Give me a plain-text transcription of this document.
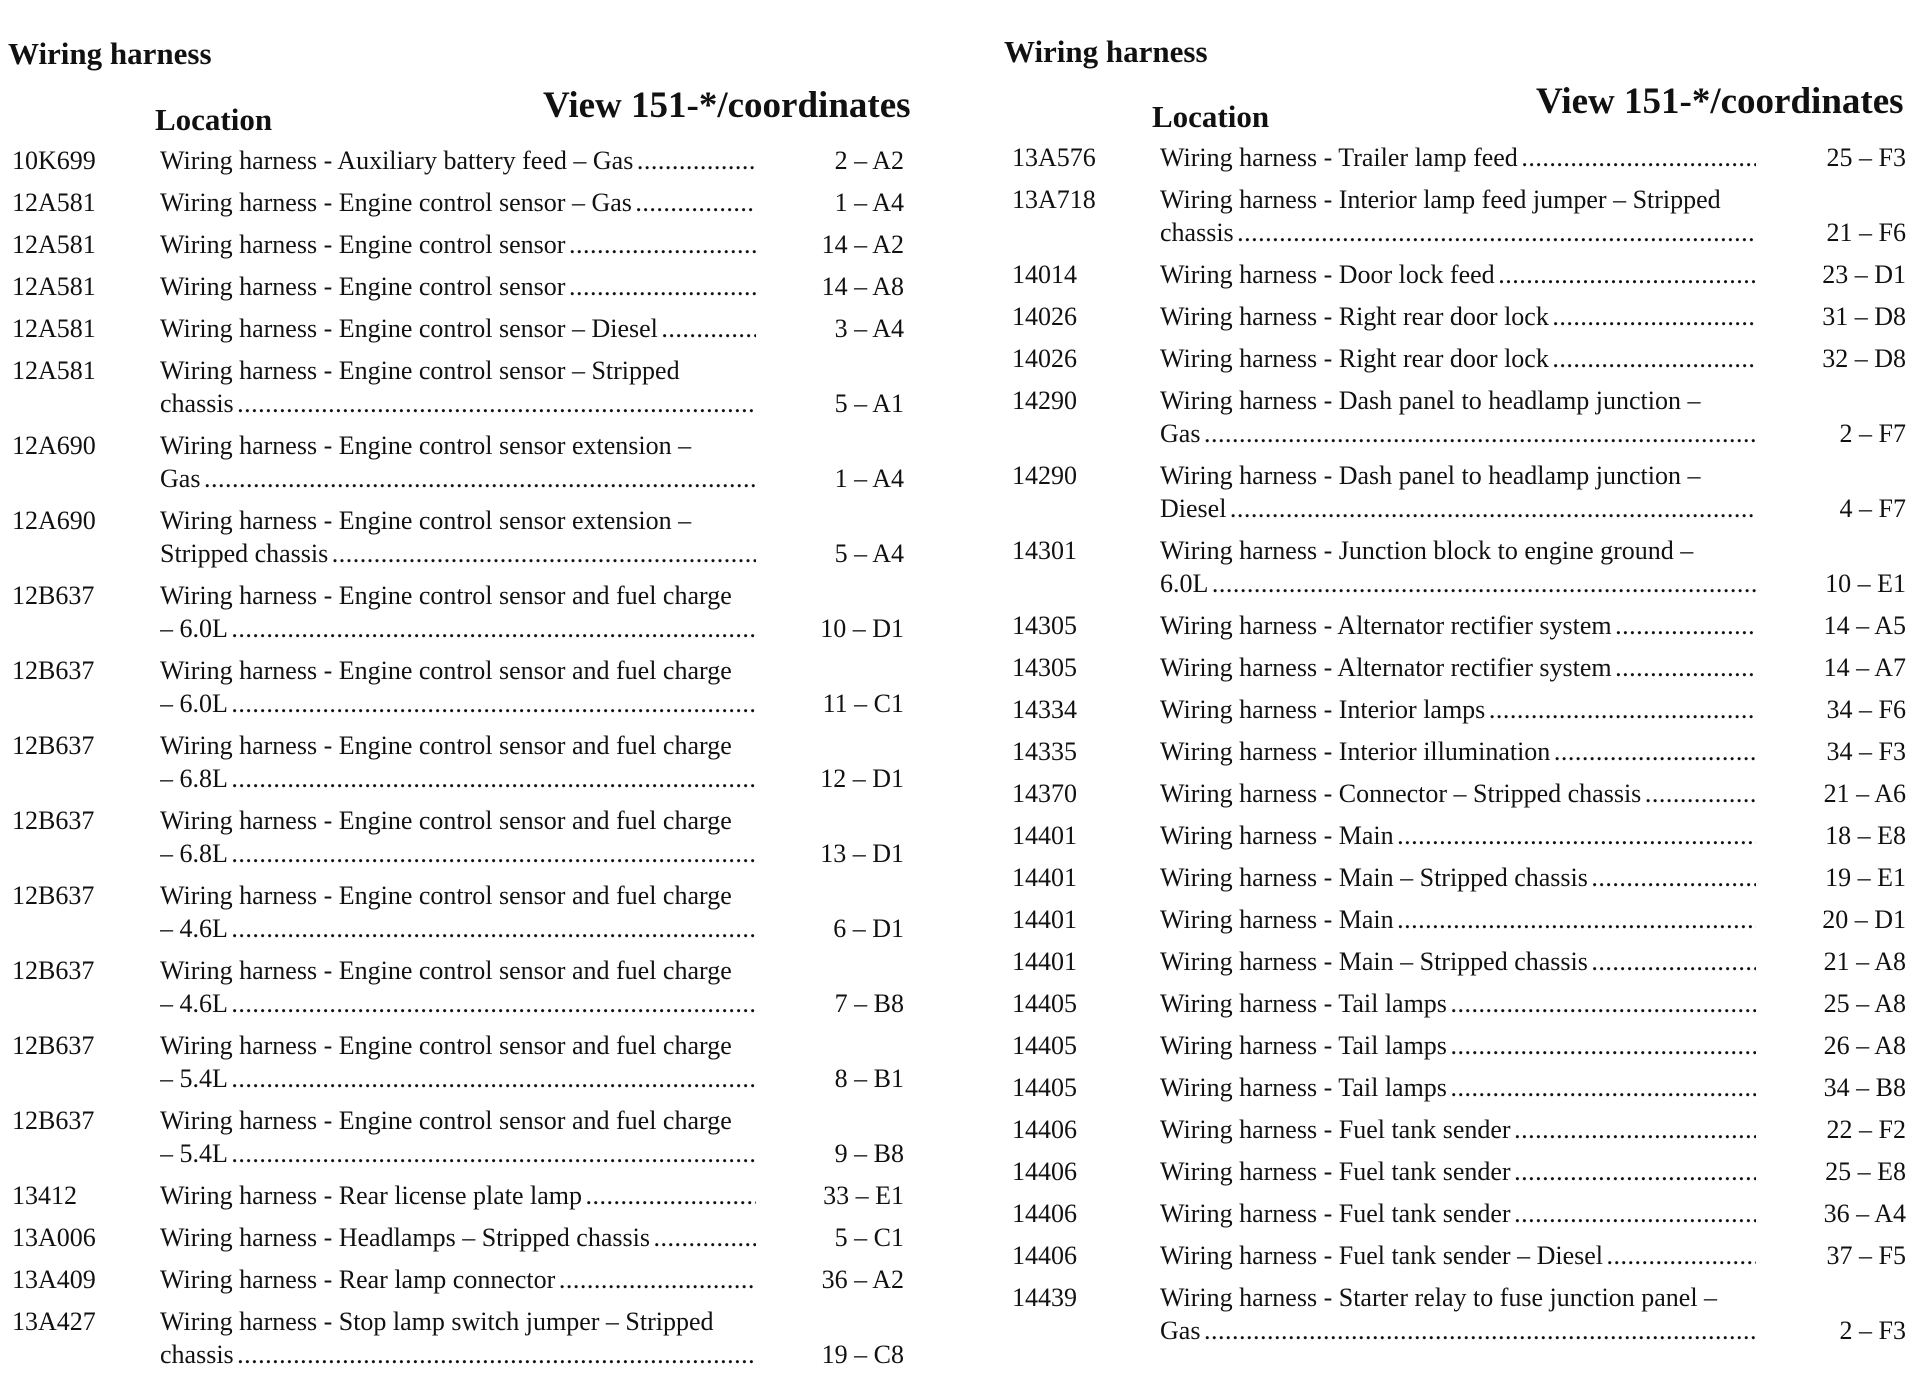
Wiring harness
Location	View 151-*/coordinates
10K699 Wiring harness - Auxiliary battery feed – Gas . . .	2 – A2
12A581 Wiring harness - Engine control sensor – Gas . . .	1 – A4
12A581 Wiring harness - Engine control sensor . . .	14 – A2
12A581 Wiring harness - Engine control sensor . . .	14 – A8
12A581 Wiring harness - Engine control sensor – Diesel . . .	3 – A4
12A581 Wiring harness - Engine control sensor – Stripped
chassis . . .	5 – A1
12A690 Wiring harness - Engine control sensor extension –
Gas . . .	1 – A4
12A690 Wiring harness - Engine control sensor extension –
Stripped chassis . . .	5 – A4
12B637	Wiring harness - Engine control sensor and fuel charge
– 6.0L . . .	10 – D1
12B637	Wiring harness - Engine control sensor and fuel charge
– 6.0L . . .	11 – C1
12B637	Wiring harness - Engine control sensor and fuel charge
– 6.8L . . .	12 – D1
12B637	Wiring harness - Engine control sensor and fuel charge
– 6.8L . . .	13 – D1
12B637	Wiring harness - Engine control sensor and fuel charge
– 4.6L . . .	6 – D1
12B637	Wiring harness - Engine control sensor and fuel charge
– 4.6L . . .	7 – B8
12B637	Wiring harness - Engine control sensor and fuel charge
– 5.4L . . .	8 – B1
12B637	Wiring harness - Engine control sensor and fuel charge
– 5.4L . . .	9 – B8
13412	Wiring harness - Rear license plate lamp . . .	33 – E1
13A006 Wiring harness - Headlamps – Stripped chassis . . .	5 – C1
13A409 Wiring harness - Rear lamp connector . . .	36 – A2
13A427 Wiring harness - Stop lamp switch jumper – Stripped
chassis . . .	19 – C8
Wiring harness
Location	View 151-*/coordinates
13A576 Wiring harness - Trailer lamp feed . . .	25 – F3
13A718 Wiring harness - Interior lamp feed jumper – Stripped
chassis . . .	21 – F6
14014	Wiring harness - Door lock feed . . .	23 – D1
14026	Wiring harness - Right rear door lock . . .	31 – D8
14026	Wiring harness - Right rear door lock . . .	32 – D8
14290	Wiring harness - Dash panel to headlamp junction –
Gas . . .	2 – F7
14290	Wiring harness - Dash panel to headlamp junction –
Diesel . . .	4 – F7
14301	Wiring harness - Junction block to engine ground –
6.0L . . .	10 – E1
14305	Wiring harness - Alternator rectifier system . . .	14 – A5
14305	Wiring harness - Alternator rectifier system . . .	14 – A7
14334	Wiring harness - Interior lamps . . .	34 – F6
14335	Wiring harness - Interior illumination . . .	34 – F3
14370	Wiring harness - Connector – Stripped chassis . . .	21 – A6
14401	Wiring harness - Main . . .	18 – E8
14401	Wiring harness - Main – Stripped chassis . . .	19 – E1
14401	Wiring harness - Main . . .	20 – D1
14401	Wiring harness - Main – Stripped chassis . . .	21 – A8
14405	Wiring harness - Tail lamps . . .	25 – A8
14405	Wiring harness - Tail lamps . . .	26 – A8
14405	Wiring harness - Tail lamps . . .	34 – B8
14406	Wiring harness - Fuel tank sender . . .	22 – F2
14406	Wiring harness - Fuel tank sender . . .	25 – E8
14406	Wiring harness - Fuel tank sender . . .	36 – A4
14406	Wiring harness - Fuel tank sender – Diesel . . .	37 – F5
14439	Wiring harness - Starter relay to fuse junction panel –
Gas . . .	2 – F3
